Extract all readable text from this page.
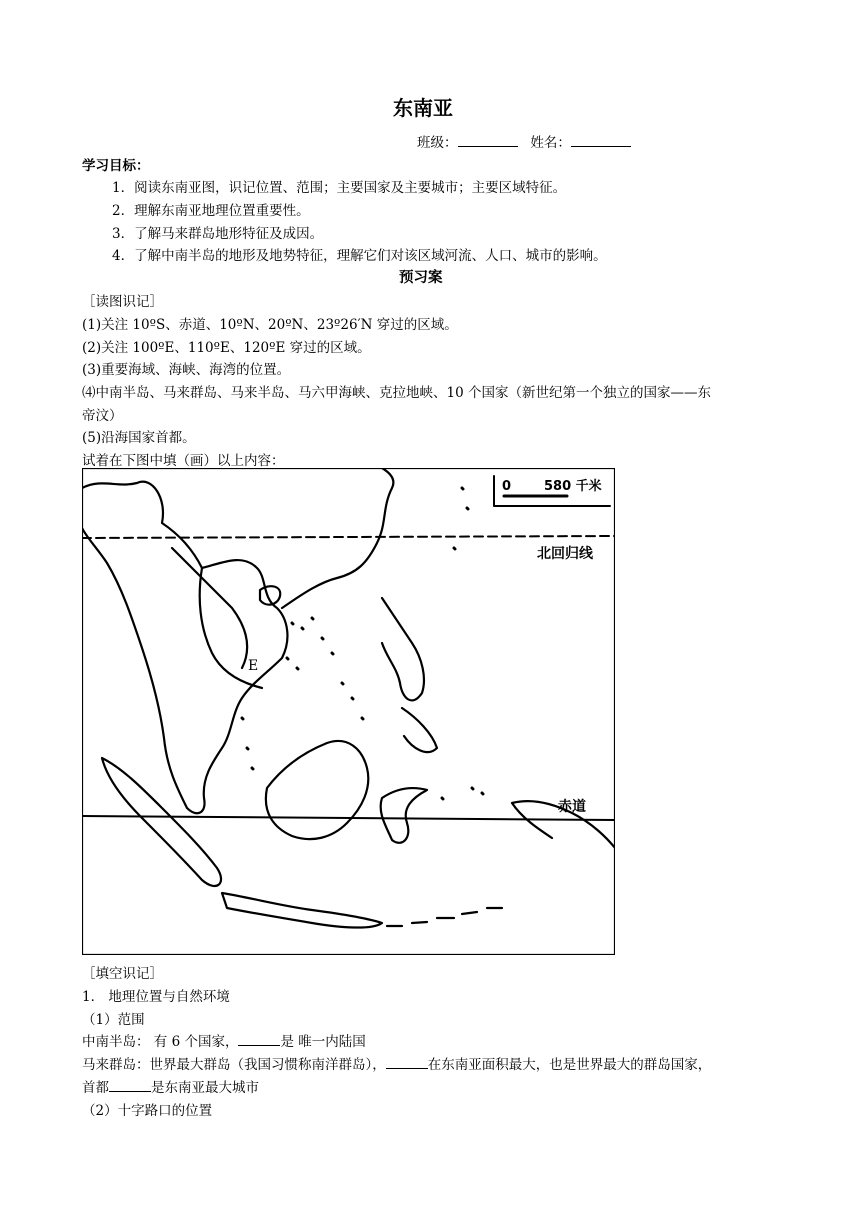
东南亚
班级：	姓名：
学习目标：
1．阅读东南亚图，识记位置、范围；主要国家及主要城市；主要区域特征。
2．理解东南亚地理位置重要性。
3．了解马来群岛地形特征及成因。
4．了解中南半岛的地形及地势特征，理解它们对该区域河流、人口、城市的影响。
预习案
［读图识记］
(1)关注 10ºS、赤道、10ºN、20ºN、23º26′N 穿过的区域。
(2)关注 100ºE、110ºE、120ºE 穿过的区域。
(3)重要海域、海峡、海湾的位置。
⑷中南半岛、马来群岛、马来半岛、马六甲海峡、克拉地峡、10 个国家（新世纪第一个独立的国家——东
帝汶）
(5)沿海国家首都。
试着在下图中填（画）以上内容：
0	580 千米
北回归线
赤道
E
［填空识记］
1． 地理位置与自然环境
（1）范围
中南半岛： 有 6 个国家，	是 唯一内陆国
马来群岛：世界最大群岛（我国习惯称南洋群岛），	在东南亚面积最大，也是世界最大的群岛国家，
首都	是东南亚最大城市
（2）十字路口的位置
